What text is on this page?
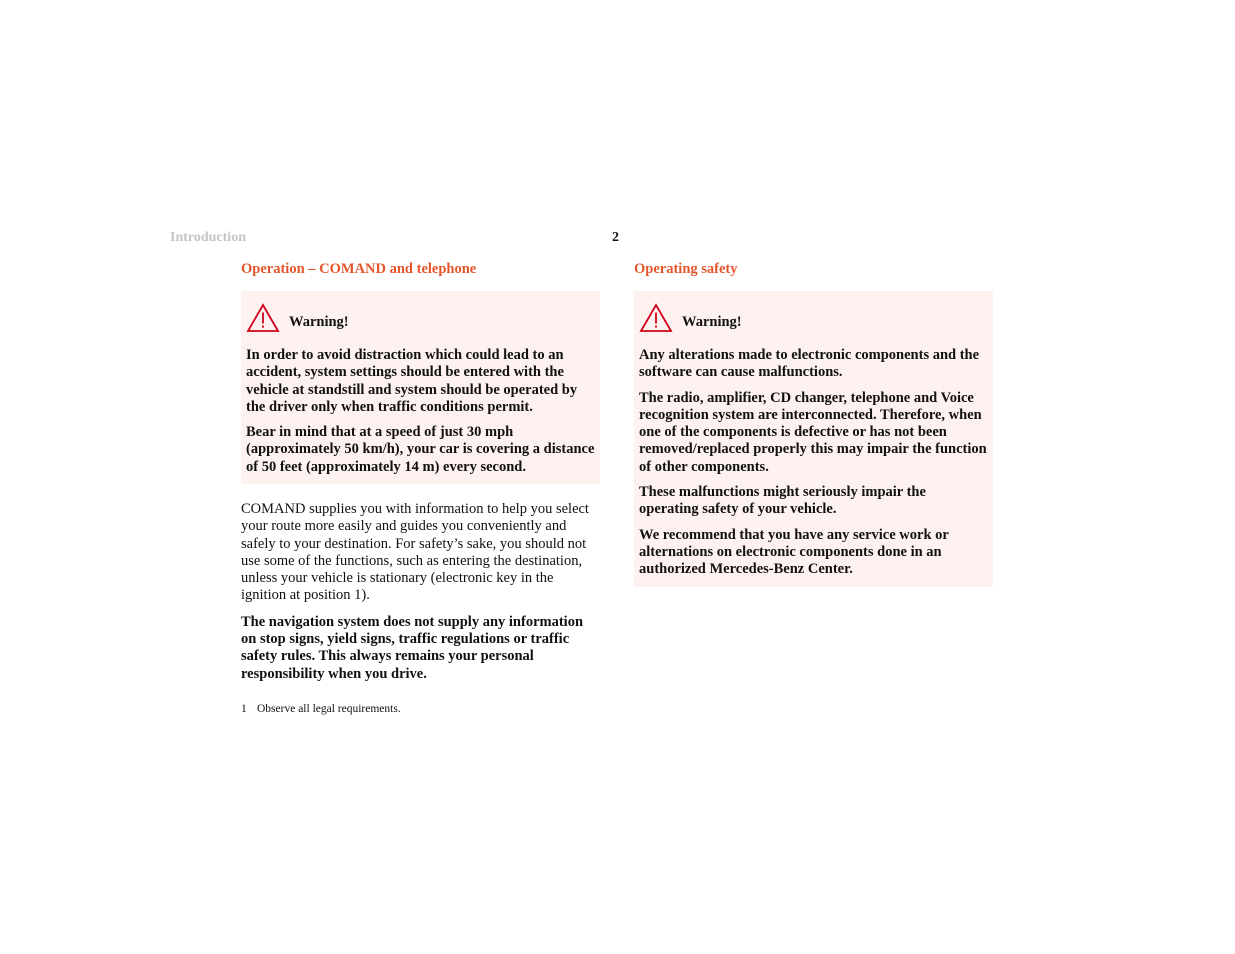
Introduction	2
Operation – COMAND and telephone
Warning!

In order to avoid distraction which could lead to an accident, system settings should be entered with the vehicle at standstill and system should be operated by the driver only when traffic conditions permit.

Bear in mind that at a speed of just 30 mph (approximately 50 km/h), your car is covering a distance of 50 feet (approximately 14 m) every second.

COMAND supplies you with information to help you select your route more easily and guides you conveniently and safely to your destination. For safety’s sake, you should not use some of the functions, such as entering the destination, unless your vehicle is stationary (electronic key in the ignition at position 1).

The navigation system does not supply any information on stop signs, yield signs, traffic regulations or traffic safety rules. This always remains your personal responsibility when you drive.

1 Observe all legal requirements.
Operating safety
Warning!

Any alterations made to electronic components and the software can cause malfunctions.

The radio, amplifier, CD changer, telephone and Voice recognition system are interconnected. Therefore, when one of the components is defective or has not been removed/replaced properly this may impair the function of other components.

These malfunctions might seriously impair the operating safety of your vehicle.

We recommend that you have any service work or alternations on electronic components done in an authorized Mercedes-Benz Center.
